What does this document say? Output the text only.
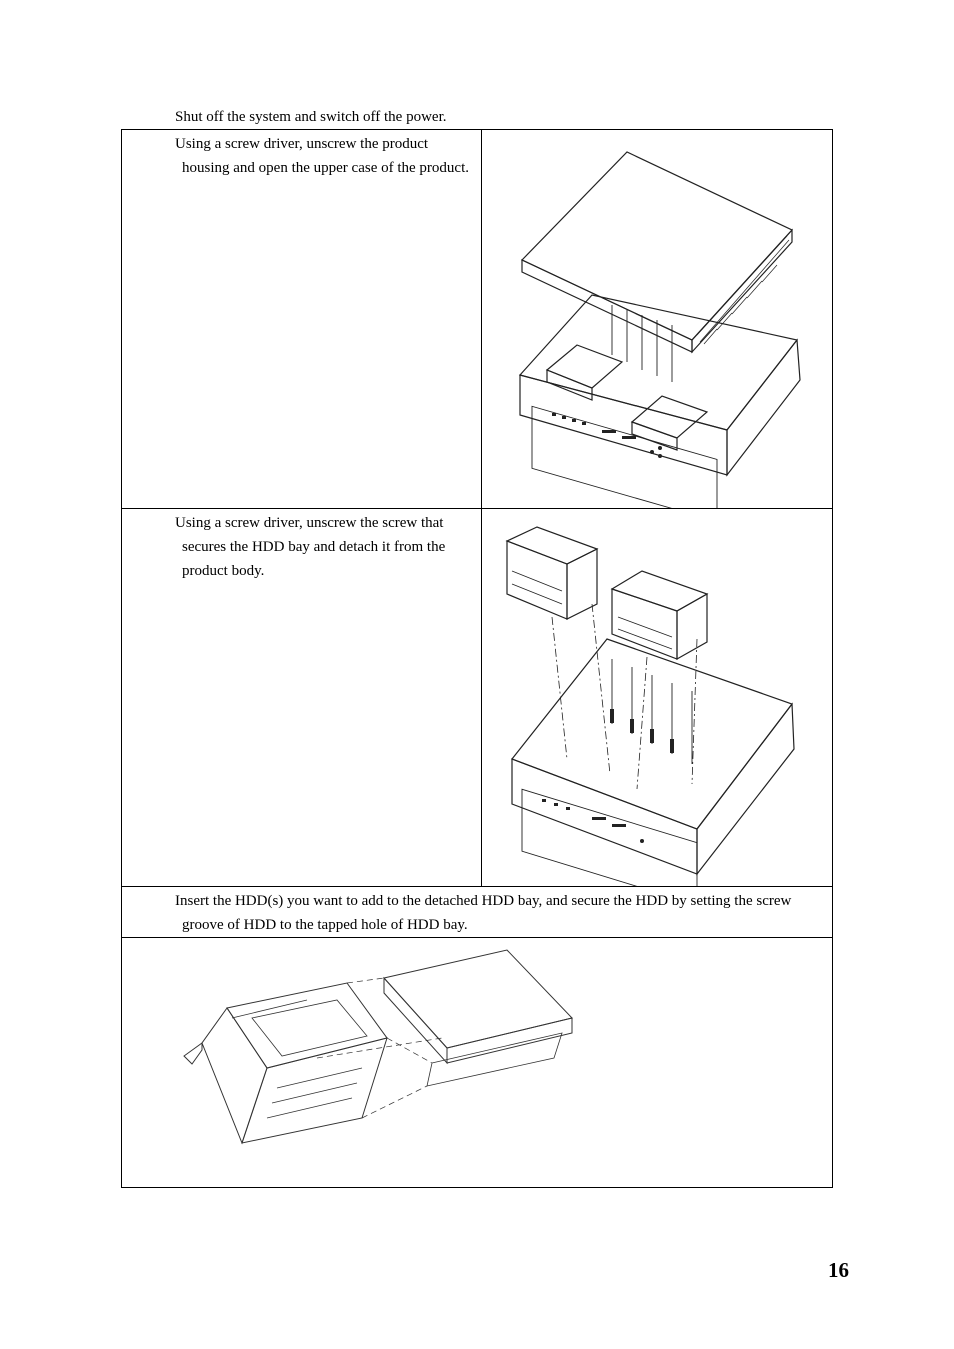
Shut off the system and switch off the power.
Using a screw driver, unscrew the product housing and open the upper case of the product.

Using a screw driver, unscrew the screw that secures the HDD bay and detach it from the product body.

Insert the HDD(s) you want to add to the detached HDD bay, and secure the HDD by setting the screw groove of HDD to the tapped hole of HDD bay.	

16
